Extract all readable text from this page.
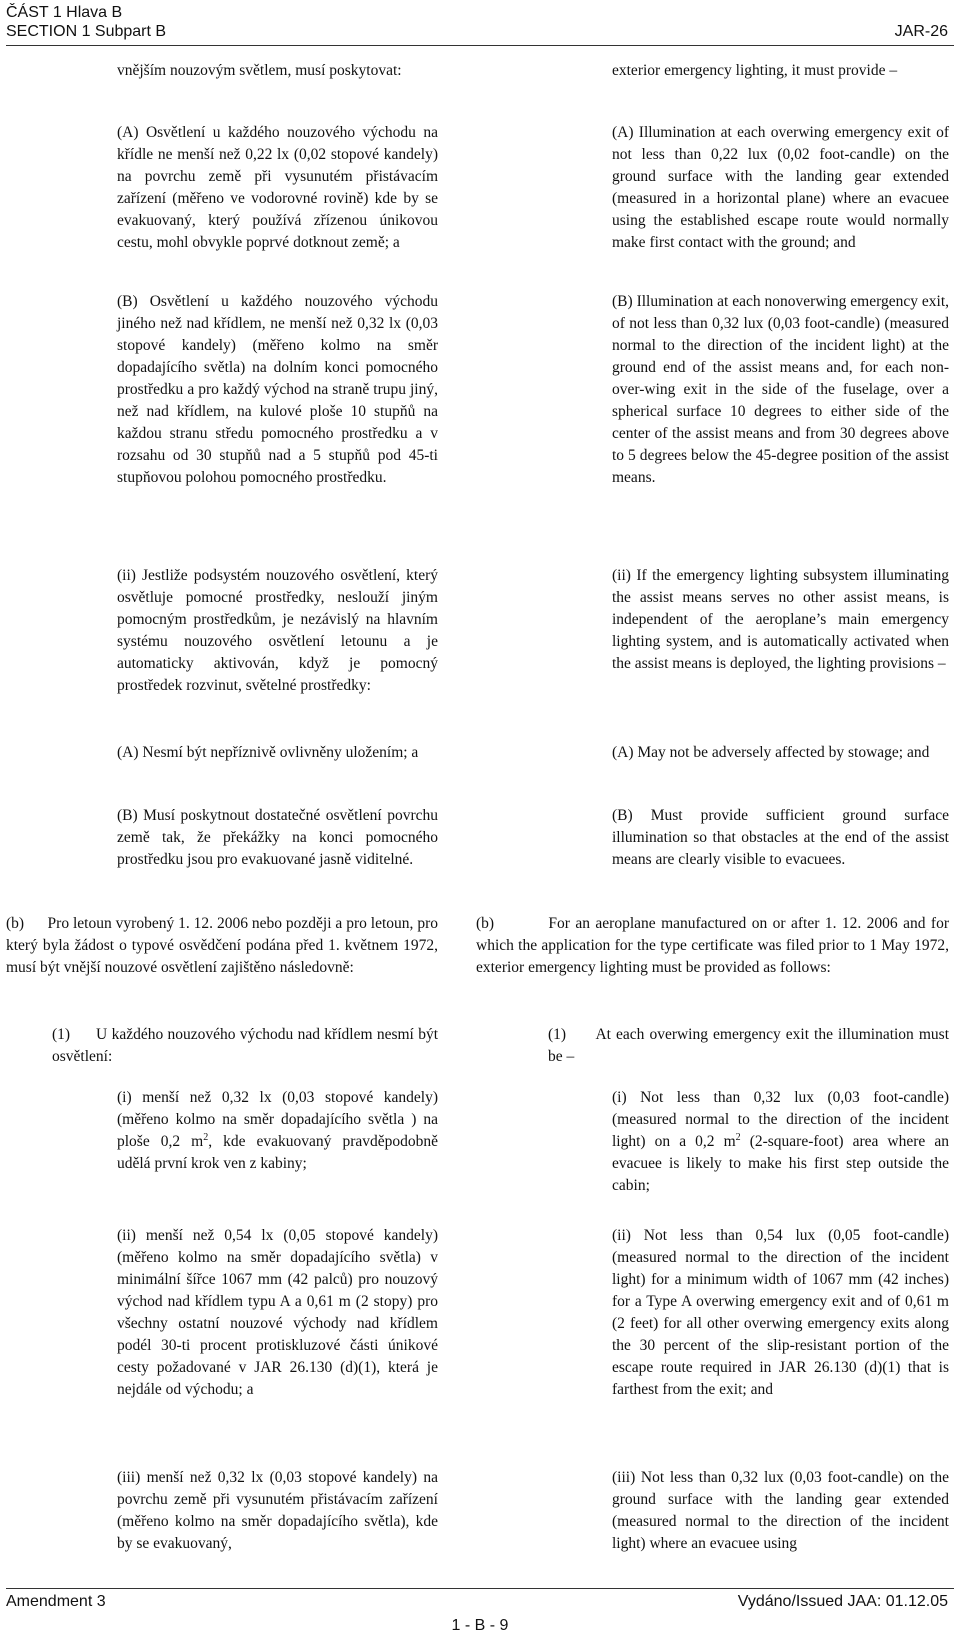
ČÁST 1 Hlava B
SECTION 1 Subpart B	JAR-26

vnějším nouzovým světlem, musí poskytovat:

(A) Osvětlení u každého nouzového východu na křídle ne menší než 0,22 lx (0,02 stopové kandely) na povrchu země při vysunutém přistávacím zařízení (měřeno ve vodorovné rovině) kde by se evakuovaný, který používá zřízenou únikovou cestu, mohl obvykle poprvé dotknout země; a

(B) Osvětlení u každého nouzového východu jiného než nad křídlem, ne menší než 0,32 lx (0,03 stopové kandely) (měřeno kolmo na směr dopadajícího světla) na dolním konci pomocného prostředku a pro každý východ na straně trupu jiný, než nad křídlem, na kulové ploše 10 stupňů na každou stranu středu pomocného prostředku a v rozsahu od 30 stupňů nad a 5 stupňů pod 45-ti stupňovou polohou pomocného prostředku.

(ii) Jestliže podsystém nouzového osvětlení, který osvětluje pomocné prostředky, neslouží jiným pomocným prostředkům, je nezávislý na hlavním systému nouzového osvětlení letounu a je automaticky aktivován, když je pomocný prostředek rozvinut, světelné prostředky:

(A) Nesmí být nepříznivě ovlivněny uložením; a

(B) Musí poskytnout dostatečné osvětlení povrchu země tak, že překážky na konci pomocného prostředku jsou pro evakuované jasně viditelné.

(b)      Pro letoun vyrobený 1. 12. 2006 nebo později a pro letoun, pro který byla žádost o typové osvědčení podána před 1. květnem 1972, musí být vnější nouzové osvětlení zajištěno následovně:

(1)      U každého nouzového východu nad křídlem nesmí být osvětlení:

(i) menší než 0,32 lx (0,03 stopové kandely)(měřeno kolmo na směr dopadajícího světla ) na ploše 0,2 $m^2$, kde evakuovaný pravděpodobně udělá první krok ven z kabiny;

(ii) menší než 0,54 lx (0,05 stopové kandely)(měřeno kolmo na směr dopadajícího světla) v minimální šířce 1067 mm (42 palců) pro nouzový východ nad křídlem typu A a 0,61 m (2 stopy) pro všechny ostatní nouzové východy nad křídlem podél 30-ti procent protiskluzové části únikové cesty požadované v JAR 26.130 (d)(1), která je nejdále od východu; a

(iii) menší než 0,32 lx (0,03 stopové kandely) na povrchu země při vysunutém přistávacím zařízení (měřeno kolmo na směr dopadajícího světla), kde by se evakuovaný,

exterior emergency lighting, it must provide –

(A) Illumination at each overwing emergency exit of not less than 0,22 lux (0,02 foot-candle) on the ground surface with the landing gear extended (measured in a horizontal plane) where an evacuee using the established escape route would normally make first contact with the ground; and

(B) Illumination at each nonoverwing emergency exit, of not less than 0,32 lux (0,03 foot-candle) (measured normal to the direction of the incident light) at the ground end of the assist means and, for each non-over-wing exit in the side of the fuselage, over a spherical surface 10 degrees to either side of the center of the assist means and from 30 degrees above to 5 degrees below the 45-degree position of the assist means.

(ii) If the emergency lighting subsystem illuminating the assist means serves no other assist means, is independent of the aeroplane’s main emergency lighting system, and is automatically activated when the assist means is deployed, the lighting provisions –

(A) May not be adversely affected by stowage; and

(B) Must provide sufficient ground surface illumination so that obstacles at the end of the assist means are clearly visible to evacuees.

(b)          For an aeroplane manufactured on or after 1. 12. 2006 and for which the application for the type certificate was filed prior to 1 May 1972, exterior emergency lighting must be provided as follows:

(1)      At each overwing emergency exit the illumination must be –

(i) Not less than 0,32 lux (0,03 foot-candle) (measured normal to the direction of the incident light) on a 0,2 $m^2$ (2-square-foot) area where an evacuee is likely to make his first step outside the cabin;

(ii) Not less than 0,54 lux (0,05 foot-candle) (measured normal to the direction of the incident light) for a minimum width of 1067 mm (42 inches) for a Type A overwing emergency exit and of 0,61 m (2 feet) for all other overwing emergency exits along the 30 percent of the slip-resistant portion of the escape route required in JAR 26.130 (d)(1) that is farthest from the exit; and

(iii) Not less than 0,32 lux (0,03 foot-candle) on the ground surface with the landing gear extended (measured normal to the direction of the incident light) where an evacuee using

Amendment 3	Vydáno/Issued JAA: 01.12.05
1 - B - 9
